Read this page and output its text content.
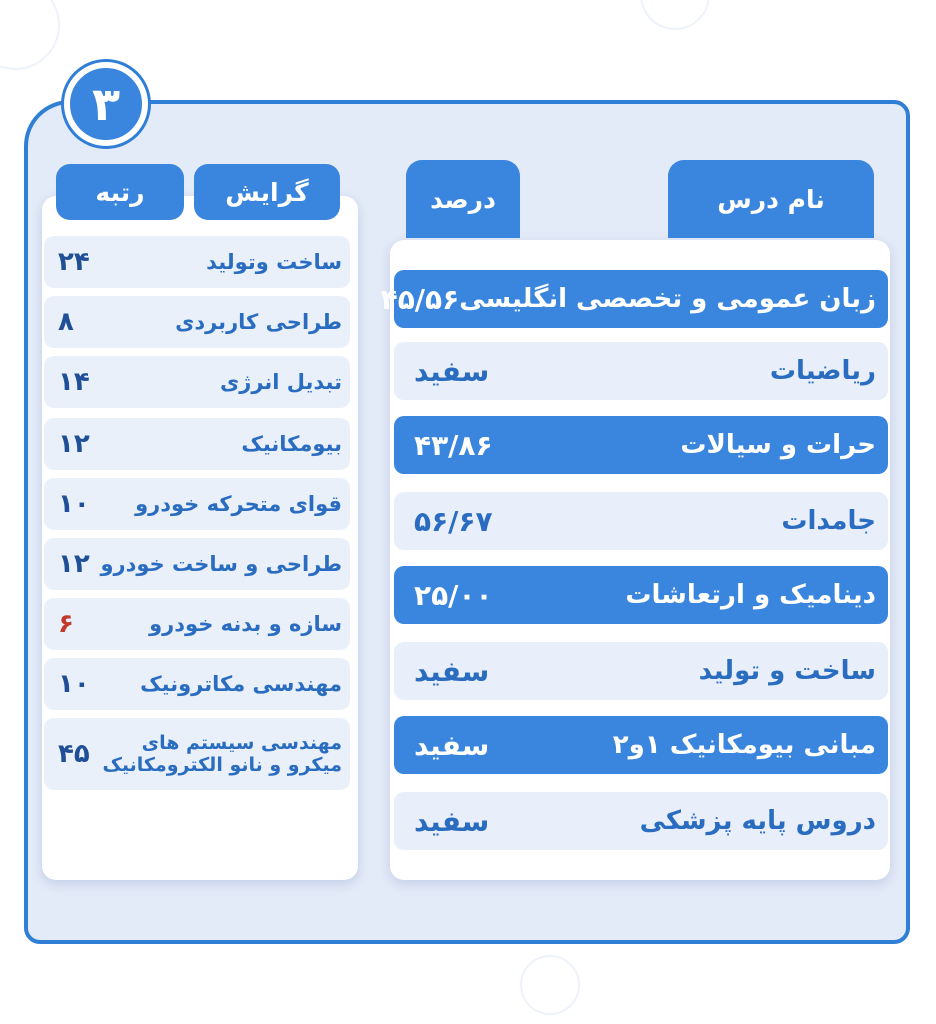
۳
نام درس
درصد
گرایش
رتبه
زبان عمومی و تخصصی انگلیسی
۴۵/۵۶
ریاضیات
سفید
حرات و سیالات
۴۳/۸۶
جامدات
۵۶/۶۷
دینامیک و ارتعاشات
۲۵/۰۰
ساخت و تولید
سفید
مبانی بیومکانیک ۱و۲
سفید
دروس پایه پزشکی
سفید
ساخت وتولید
۲۴
طراحی کاربردی
۸
تبدیل انرژی
۱۴
بیومکانیک
۱۲
قوای متحرکه خودرو
۱۰
طراحی و ساخت خودرو
۱۲
سازه و بدنه خودرو
۶
مهندسی مکاترونیک
۱۰
مهندسی سیستم های میکرو و نانو الکترومکانیک
۴۵
